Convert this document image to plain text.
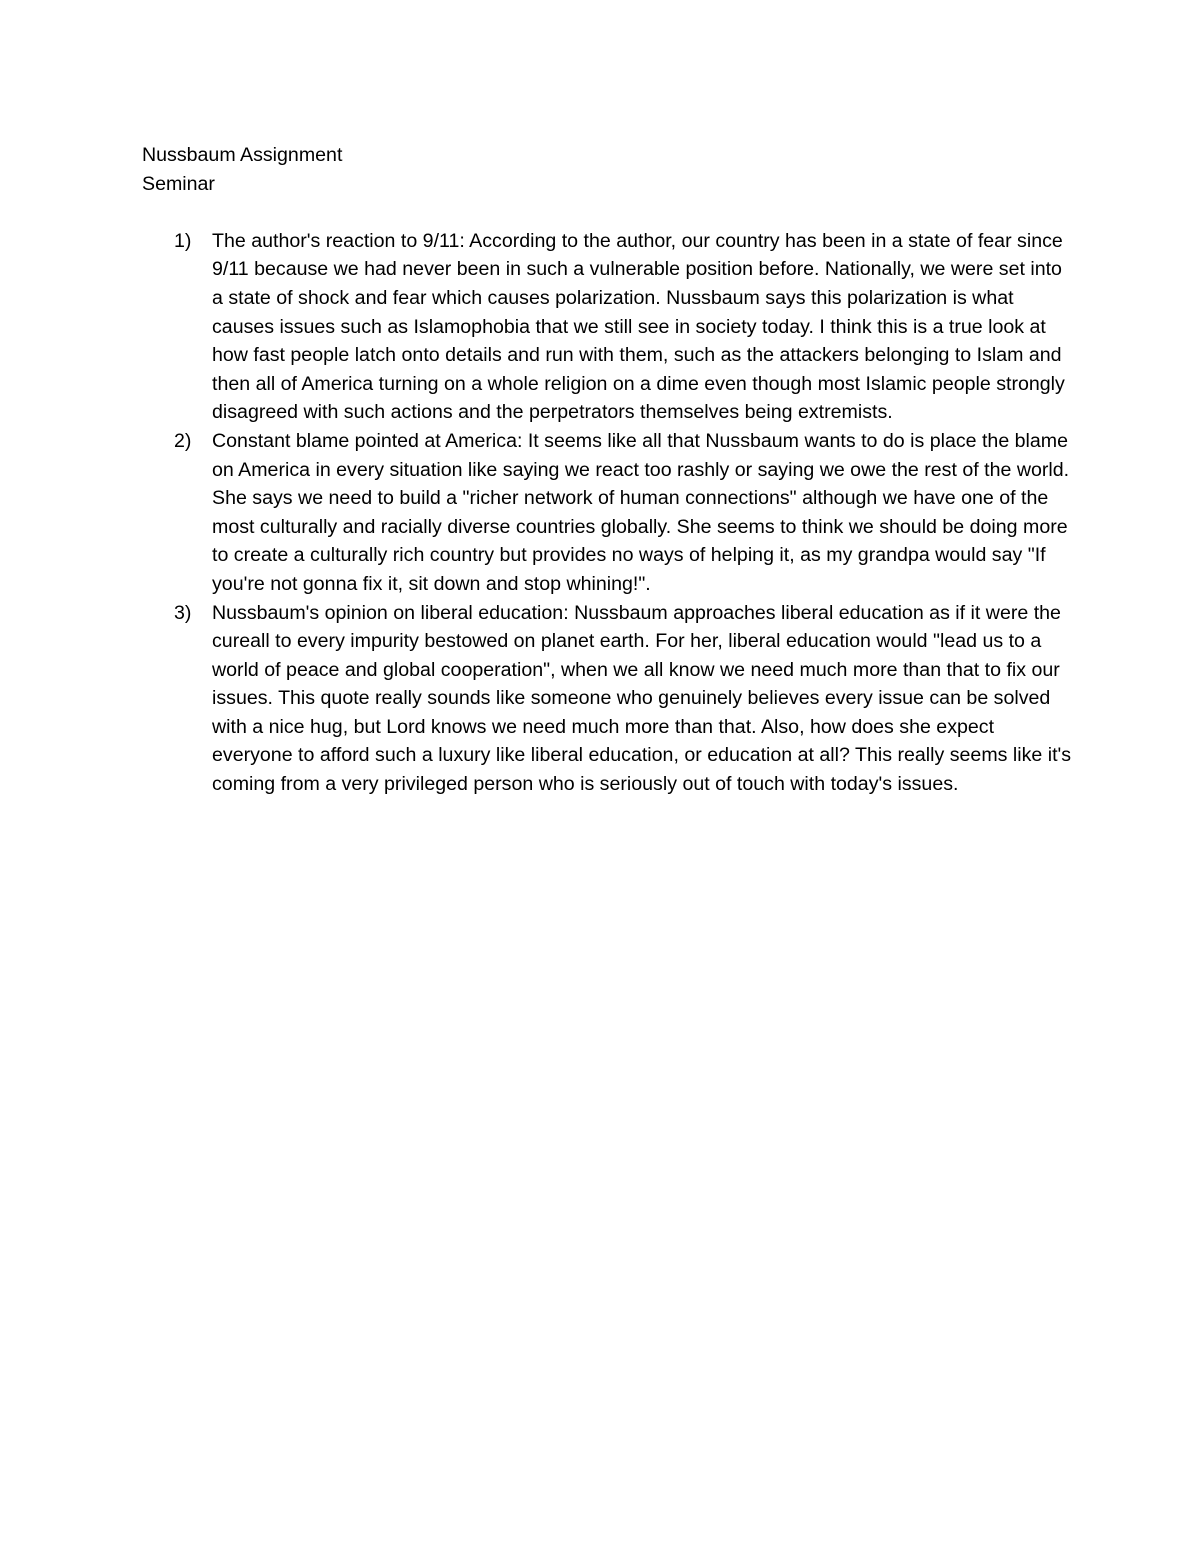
Nussbaum Assignment

Seminar

1) The author's reaction to 9/11: According to the author, our country has been in a state of fear since 9/11 because we had never been in such a vulnerable position before. Nationally, we were set into a state of shock and fear which causes polarization. Nussbaum says this polarization is what causes issues such as Islamophobia that we still see in society today. I think this is a true look at how fast people latch onto details and run with them, such as the attackers belonging to Islam and then all of America turning on a whole religion on a dime even though most Islamic people strongly disagreed with such actions and the perpetrators themselves being extremists.
2) Constant blame pointed at America: It seems like all that Nussbaum wants to do is place the blame on America in every situation like saying we react too rashly or saying we owe the rest of the world. She says we need to build a "richer network of human connections" although we have one of the most culturally and racially diverse countries globally. She seems to think we should be doing more to create a culturally rich country but provides no ways of helping it, as my grandpa would say "If you're not gonna fix it, sit down and stop whining!".
3) Nussbaum's opinion on liberal education: Nussbaum approaches liberal education as if it were the cureall to every impurity bestowed on planet earth. For her, liberal education would "lead us to a world of peace and global cooperation", when we all know we need much more than that to fix our issues. This quote really sounds like someone who genuinely believes every issue can be solved with a nice hug, but Lord knows we need much more than that. Also, how does she expect everyone to afford such a luxury like liberal education, or education at all? This really seems like it's coming from a very privileged person who is seriously out of touch with today's issues.
